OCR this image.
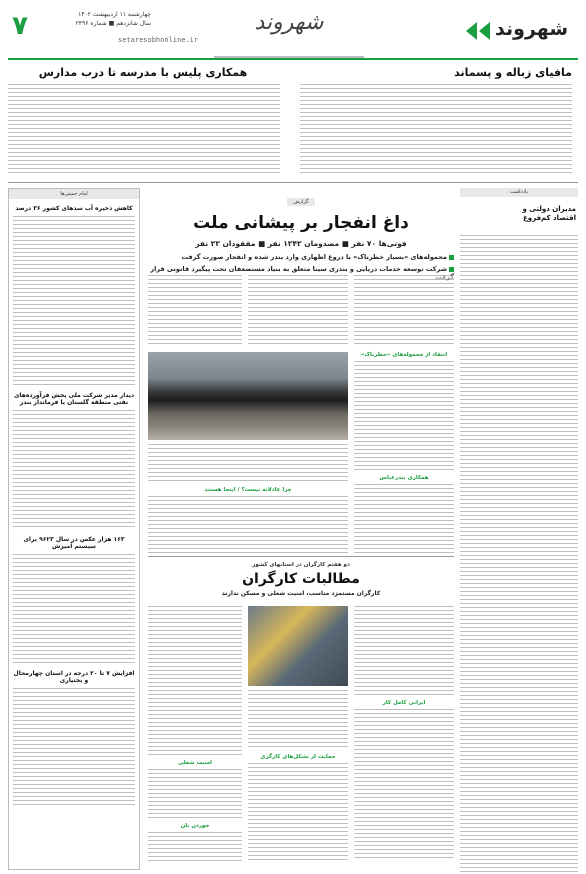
شهروند
شهروند
چهارشنبه ۱۱ اردیبهشت ۱۴۰۲
سال شانزدهم ■ شماره ۲۴۹۶
۷	setaresobhonline.ir
مافیای زباله و پسماند
همکاری پلیس با مدرسه تا درب مدارس
یادداشت
مدیران دولتی و اقتصاد کم‌فروغ
گزارش
داغ انفجار بر پیشانی ملت
فوتی‌ها ۷۰ نفر ■ مصدومان ۱۲۴۲ نفر ■ مفقودان ۲۲ نفر
محموله‌های «بسیار خطرناک» با دروغ اظهاری وارد بندر شده و انفجار صورت گرفت
شرکت توسعه خدمات دریایی و بندری سینا متعلق به بنیاد مستضعفان تحت پیگیرد قانونی قرار
انتقاد از محموله‌های «خطرناک»
همکاری بندرعباس
چرا عادلانه نیست؟ / اینجا هستند
دو هفتم کارگران در استانهای کشور
مطالبات کارگران
کارگران مستمزد مناسب، امنیت شغلی و مسکن ندارند
ایرانی کامل کار
حمایت از تشکل‌های کارگری
امنیت شغلی
خوردن نان
امام خمینی‌ها
کاهش ذخیره آب سدهای کشور ۳۶ درصد
دیدار مدیر شرکت ملی پخش فرآورده‌های نفتی منطقه گلستان با فرماندار بندر
۱۶۳ هزار عکس در سال ۹۶۲۳ برای سیستم آمیزش
افزایش ۷ تا ۲۰ درجه در استان چهارمحال و بختیاری
